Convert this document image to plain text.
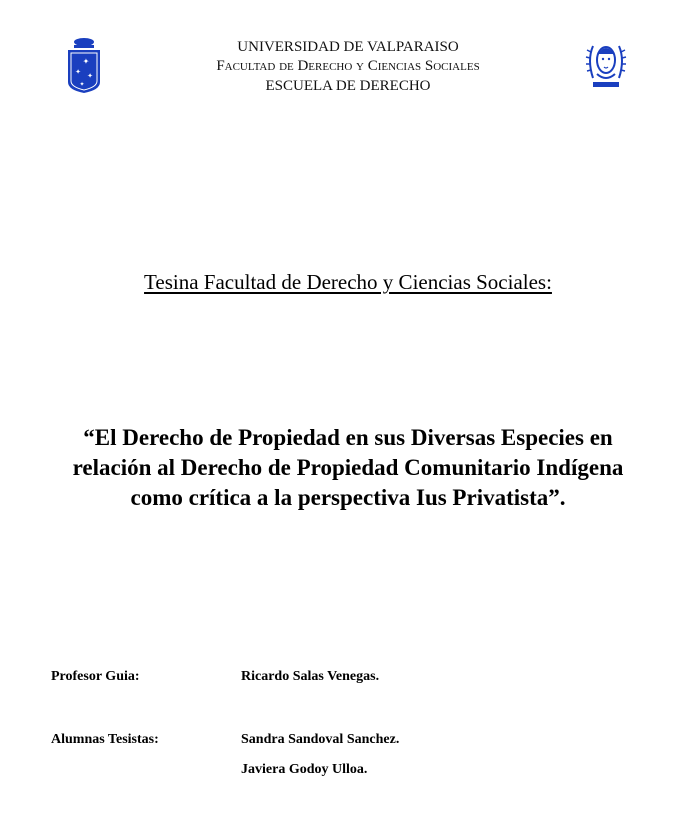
✦
✦ ✦
✦
UNIVERSIDAD DE VALPARAISO
Facultad de Derecho y Ciencias Sociales
ESCUELA DE DERECHO
Tesina Facultad de Derecho y Ciencias Sociales:
“El Derecho de Propiedad en sus Diversas Especies en
relación al Derecho de Propiedad Comunitario Indígena
como crítica a la perspectiva Ius Privatista”.
Profesor Guia:	Ricardo Salas Venegas.
Alumnas Tesistas:	Sandra Sandoval Sanchez.
Javiera Godoy Ulloa.
